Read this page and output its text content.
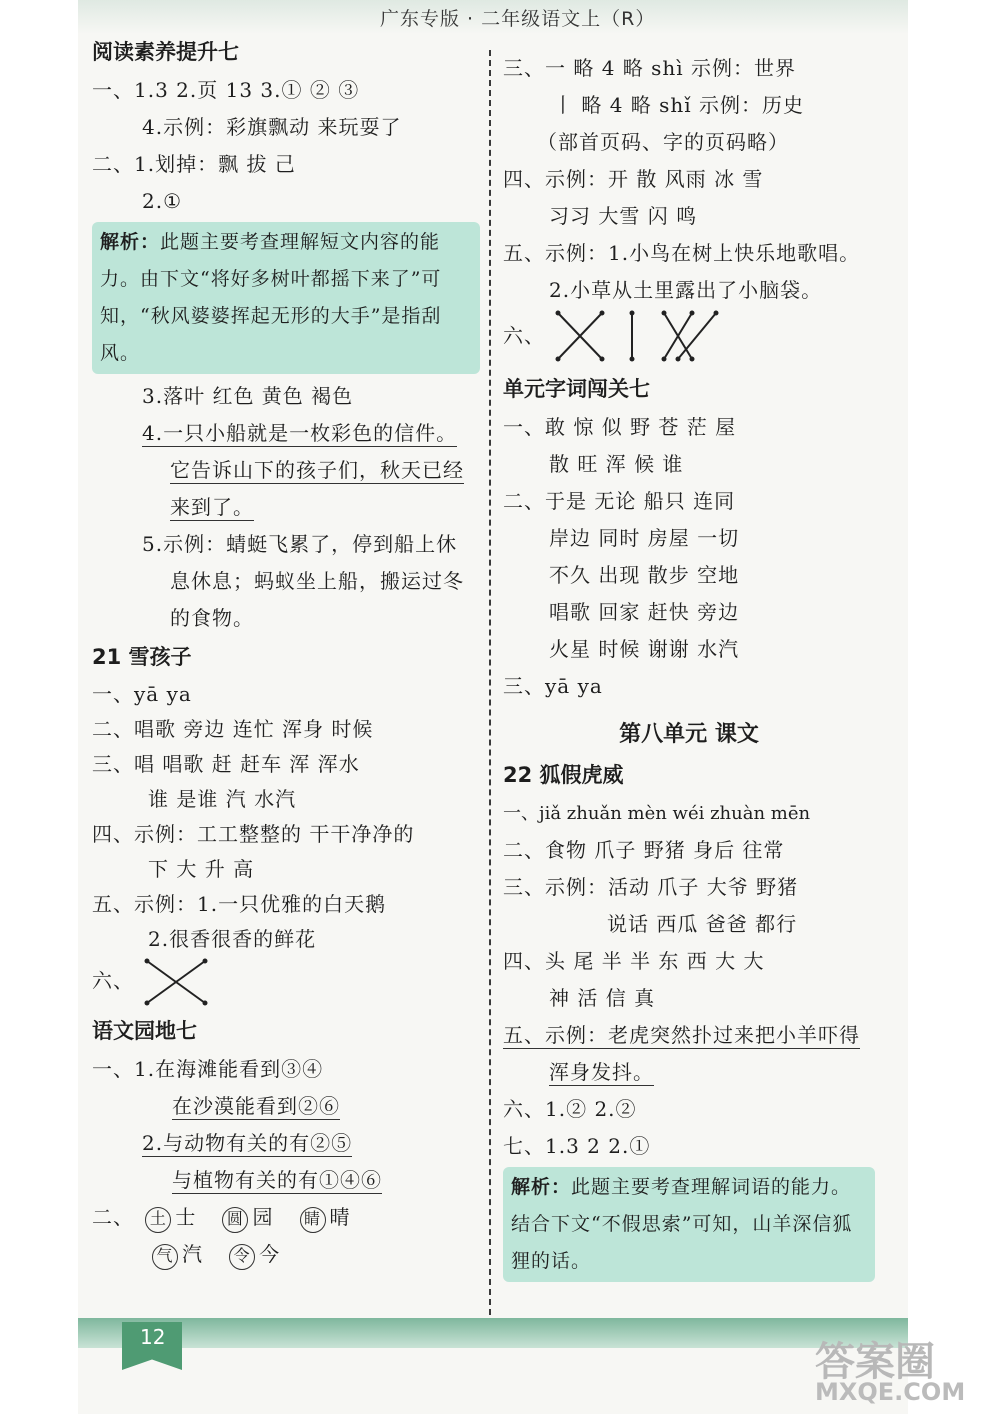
广东专版 · 二年级语文上（R）
阅读素养提升七
一、1.3 2.页 13 3.① ② ③
4.示例：彩旗飘动 来玩耍了
二、1.划掉：飘 拔 己
2.①
解析：此题主要考查理解短文内容的能力。由下文“将好多树叶都摇下来了”可知，“秋风婆婆挥起无形的大手”是指刮风。
3.落叶 红色 黄色 褐色
4.一只小船就是一枚彩色的信件。
它告诉山下的孩子们，秋天已经
来到了。
5.示例：蜻蜓飞累了，停到船上休
息休息；蚂蚁坐上船，搬运过冬
的食物。
21 雪孩子
一、yā ya
二、唱歌 旁边 连忙 浑身 时候
三、唱 唱歌 赶 赶车 浑 浑水
谁 是谁 汽 水汽
四、示例：工工整整的 干干净净的
下 大 升 高
五、示例：1.一只优雅的白天鹅
2.很香很香的鲜花
六、
语文园地七
一、1.在海滩能看到③④
在沙漠能看到②⑥
2.与动物有关的有②⑤
与植物有关的有①④⑥
二、 土 士 圆 园 睛 晴
气 汽 令 今
三、一 略 4 略 shì 示例：世界
丨 略 4 略 shǐ 示例：历史
（部首页码、字的页码略）
四、示例：开 散 风雨 冰 雪
习习 大雪 闪 鸣
五、示例：1.小鸟在树上快乐地歌唱。
2.小草从土里露出了小脑袋。
六、
单元字词闯关七
一、敢 惊 似 野 苍 茫 屋
散 旺 浑 候 谁
二、于是 无论 船只 连同
岸边 同时 房屋 一切
不久 出现 散步 空地
唱歌 回家 赶快 旁边
火星 时候 谢谢 水汽
三、yā ya
第八单元 课文
22 狐假虎威
一、jiǎ zhuǎn mèn wéi zhuàn mēn
二、食物 爪子 野猪 身后 往常
三、示例：活动 爪子 大爷 野猪
说话 西瓜 爸爸 都行
四、头 尾 半 半 东 西 大 大
神 活 信 真
五、示例：老虎突然扑过来把小羊吓得
浑身发抖。
六、1.② 2.②
七、1.3 2 2.①
解析：此题主要考查理解词语的能力。结合下文“不假思索”可知，山羊深信狐狸的话。
12
答案圈
MXQE.COM
